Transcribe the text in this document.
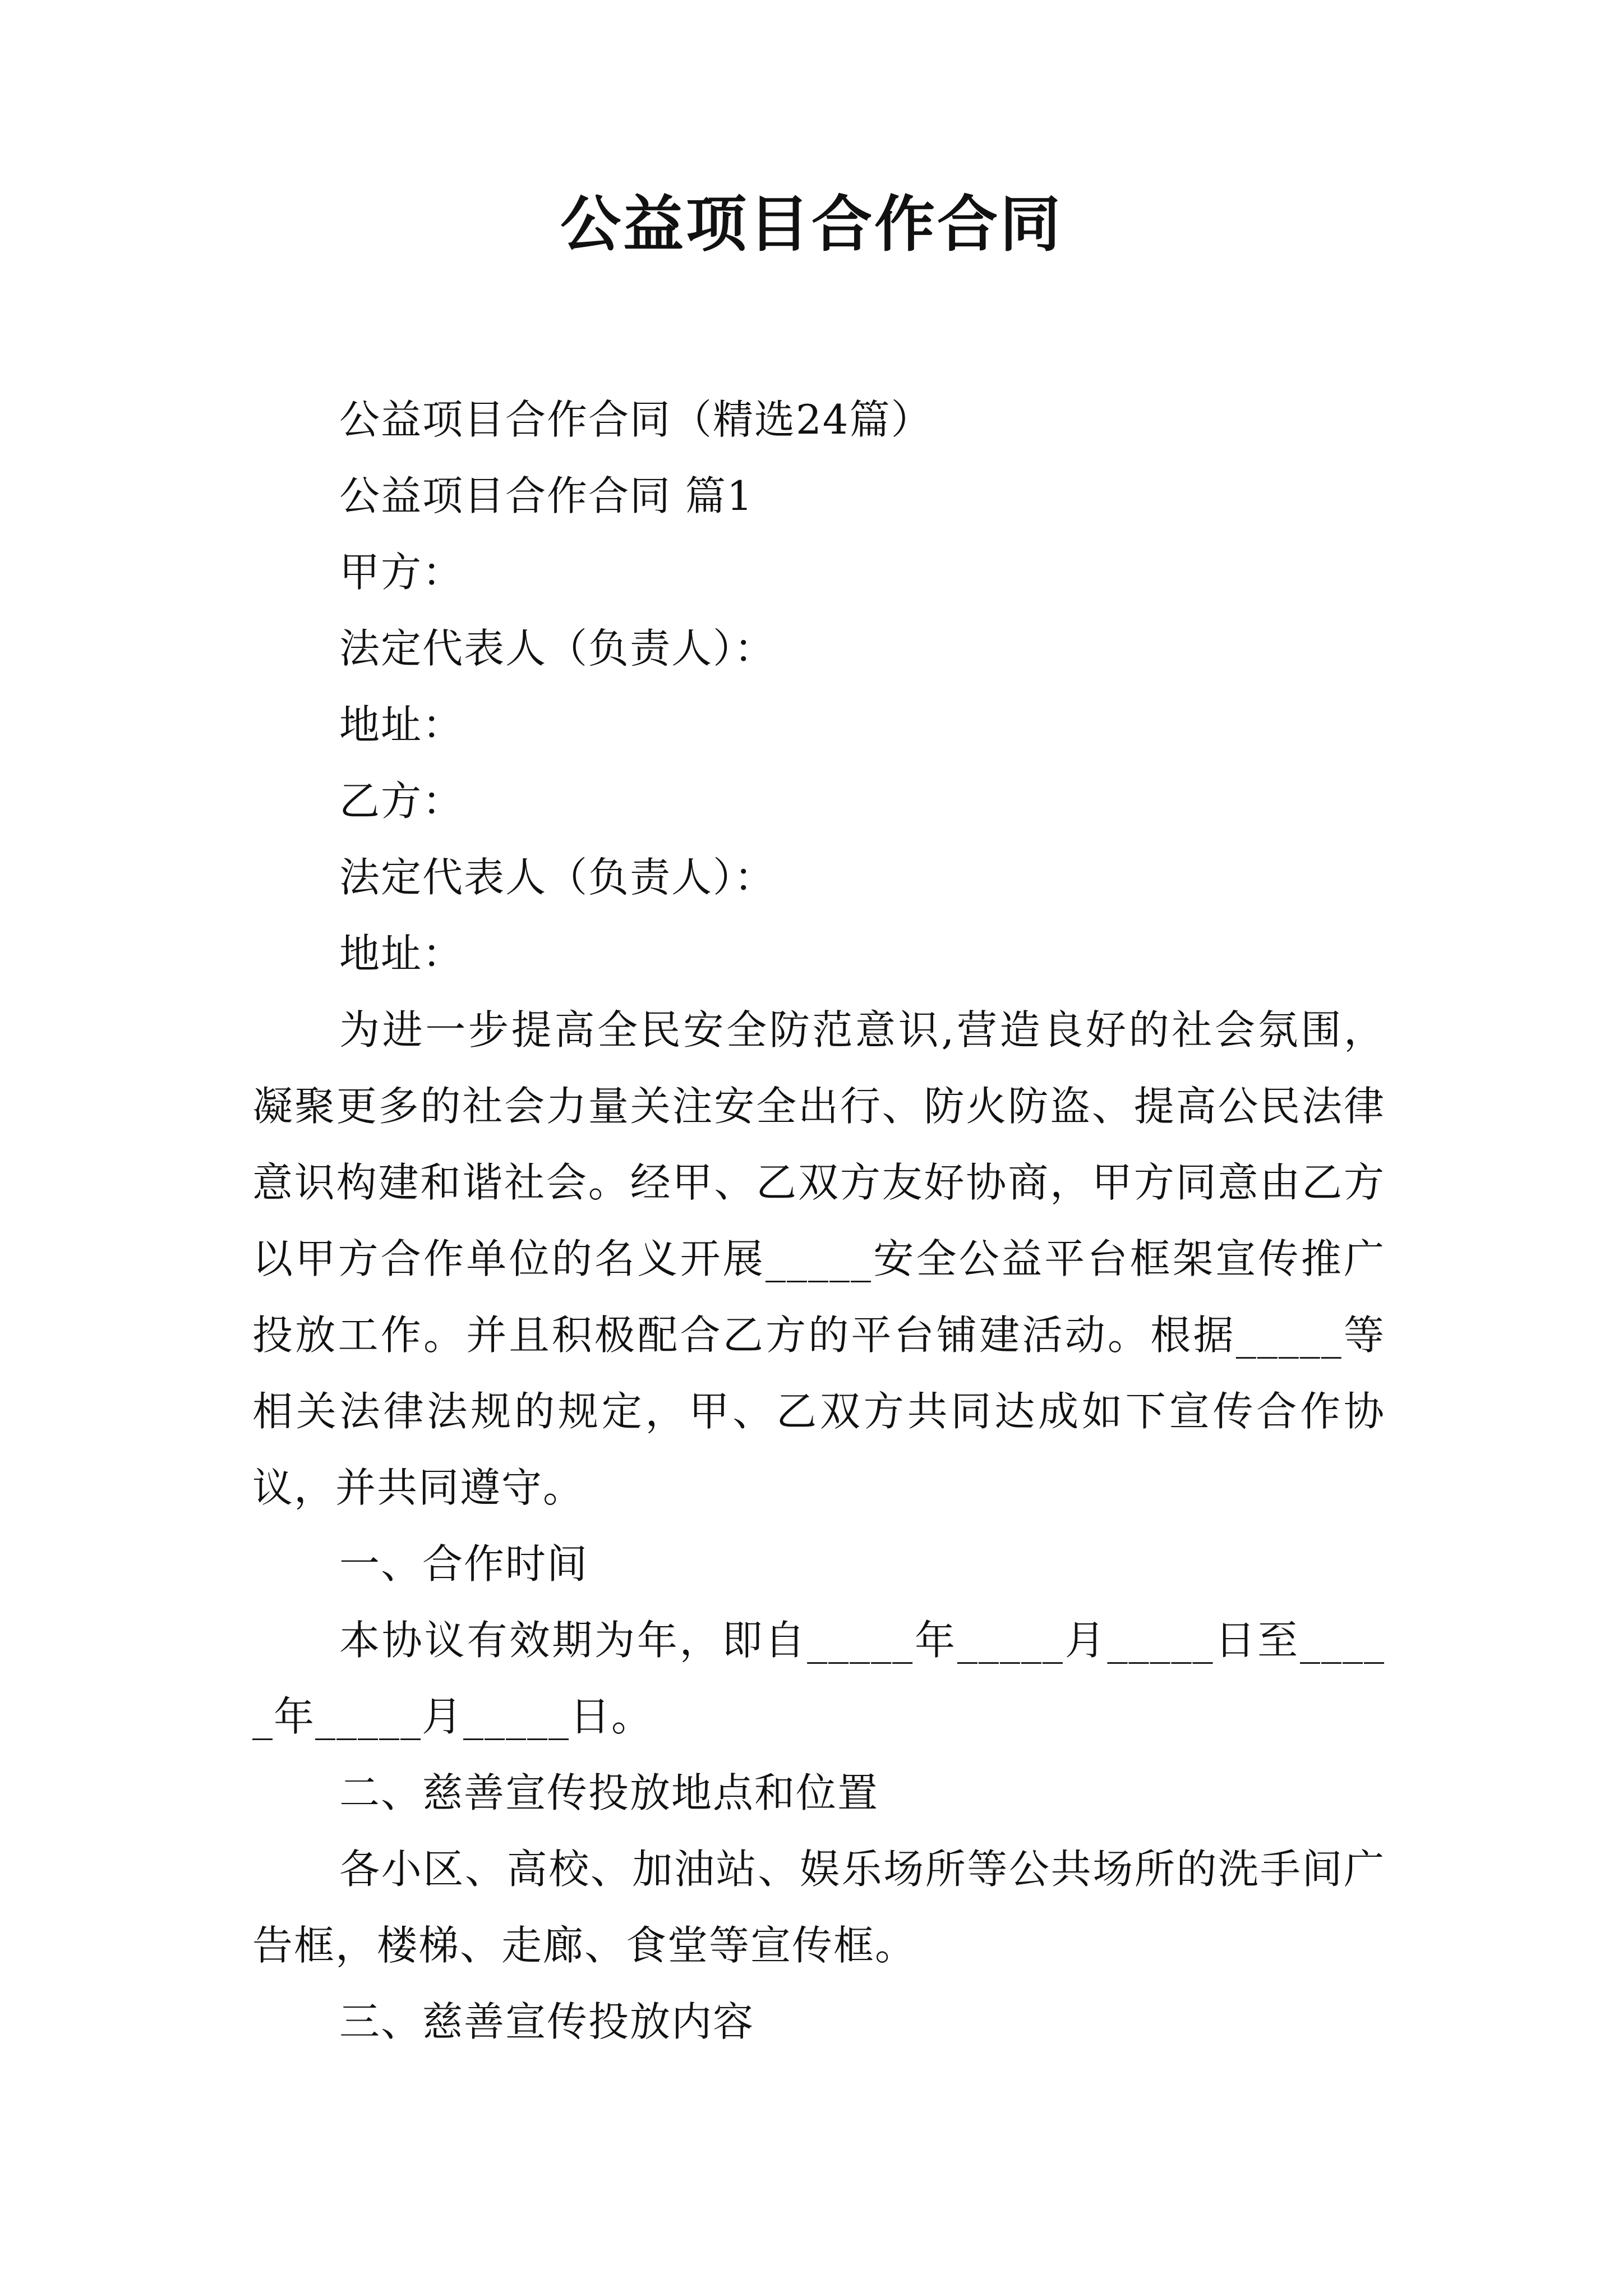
公益项目合作合同

公益项目合作合同（精选24篇）

公益项目合作合同 篇1

甲方：

法定代表人（负责人）：

地址：

乙方：

法定代表人（负责人）：

地址：

为进一步提高全民安全防范意识,营造良好的社会氛围，凝聚更多的社会力量关注安全出行、防火防盗、提高公民法律意识构建和谐社会。经甲、乙双方友好协商，甲方同意由乙方以甲方合作单位的名义开展_____安全公益平台框架宣传推广投放工作。并且积极配合乙方的平台铺建活动。根据_____等相关法律法规的规定，甲、乙双方共同达成如下宣传合作协议，并共同遵守。

一、合作时间

本协议有效期为年，即自_____年_____月_____日至_____年_____月_____日。

二、慈善宣传投放地点和位置

各小区、高校、加油站、娱乐场所等公共场所的洗手间广告框，楼梯、走廊、食堂等宣传框。

三、慈善宣传投放内容
